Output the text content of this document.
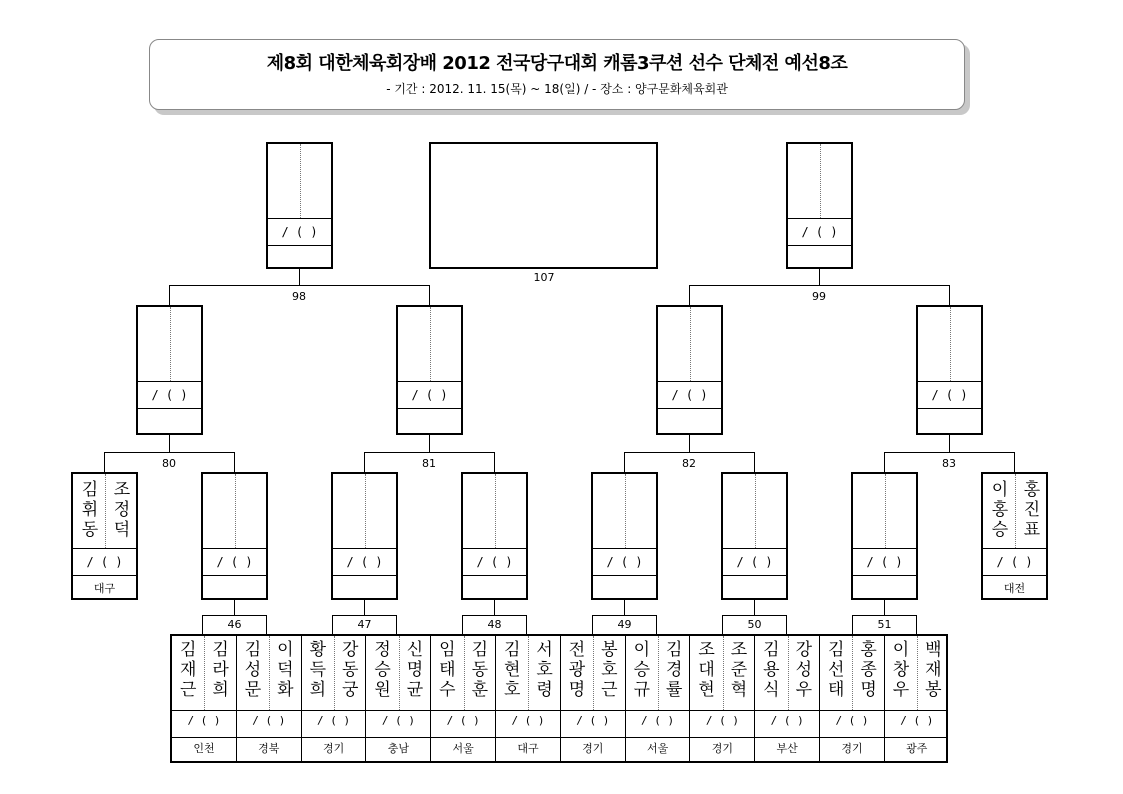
제8회 대한체육회장배 2012 전국당구대회 캐롬3쿠션 선수 단체전 예선8조
- 기간 : 2012. 11. 15(목) ~ 18(일) / - 장소 : 양구문화체육회관
107
/ ( )	/ ( )
98	99
/ ( )	/ ( )	/ ( )	/ ( )
80	81	82	83
김
휘
동
조
정
덕
/ ( )
대구
/ ( )	/ ( )	/ ( )	/ ( )	/ ( )	/ ( )
이
홍
승
홍
진
표
/ ( )
대전
46	47	48	49	50	51
김
재
근
김
라
희
/ ( )
인천
김
성
문
이
덕
화
/ ( )
경북
황
득
희
강
동
궁
/ ( )
경기
정
승
원
신
명
균
/ ( )
충남
임
태
수
김
동
훈
/ ( )
서울
김
현
호
서
호
령
/ ( )
대구
전
광
명
봉
호
근
/ ( )
경기
이
승
규
김
경
률
/ ( )
서울
조
대
현
조
준
혁
/ ( )
경기
김
용
식
강
성
우
/ ( )
부산
김
선
태
홍
종
명
/ ( )
경기
이
창
우
백
재
봉
/ ( )
광주
